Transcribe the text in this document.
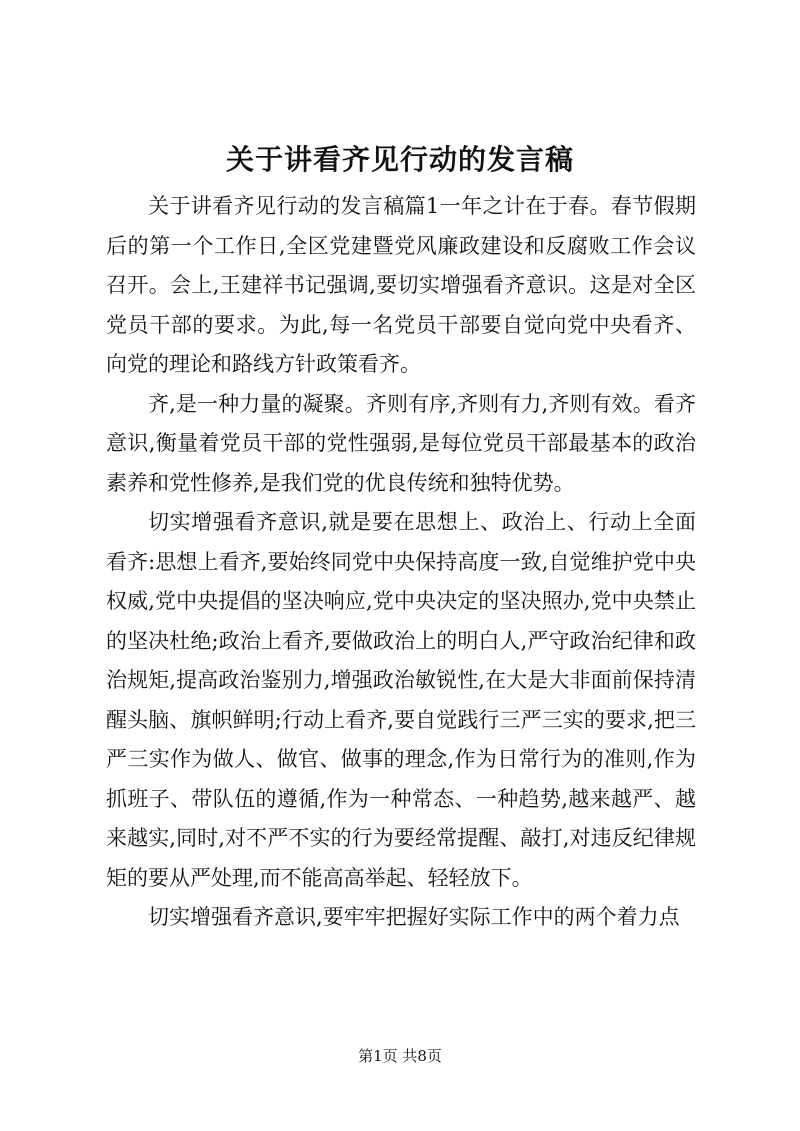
关于讲看齐见行动的发言稿

关于讲看齐见行动的发言稿篇1一年之计在于春。春节假期后的第一个工作日,全区党建暨党风廉政建设和反腐败工作会议召开。会上,王建祥书记强调,要切实增强看齐意识。这是对全区党员干部的要求。为此,每一名党员干部要自觉向党中央看齐、向党的理论和路线方针政策看齐。

齐,是一种力量的凝聚。齐则有序,齐则有力,齐则有效。看齐意识,衡量着党员干部的党性强弱,是每位党员干部最基本的政治素养和党性修养,是我们党的优良传统和独特优势。

切实增强看齐意识,就是要在思想上、政治上、行动上全面看齐:思想上看齐,要始终同党中央保持高度一致,自觉维护党中央权威,党中央提倡的坚决响应,党中央决定的坚决照办,党中央禁止的坚决杜绝;政治上看齐,要做政治上的明白人,严守政治纪律和政治规矩,提高政治鉴别力,增强政治敏锐性,在大是大非面前保持清醒头脑、旗帜鲜明;行动上看齐,要自觉践行三严三实的要求,把三严三实作为做人、做官、做事的理念,作为日常行为的准则,作为抓班子、带队伍的遵循,作为一种常态、一种趋势,越来越严、越来越实,同时,对不严不实的行为要经常提醒、敲打,对违反纪律规矩的要从严处理,而不能高高举起、轻轻放下。

切实增强看齐意识,要牢牢把握好实际工作中的两个着力点

第1页 共8页
